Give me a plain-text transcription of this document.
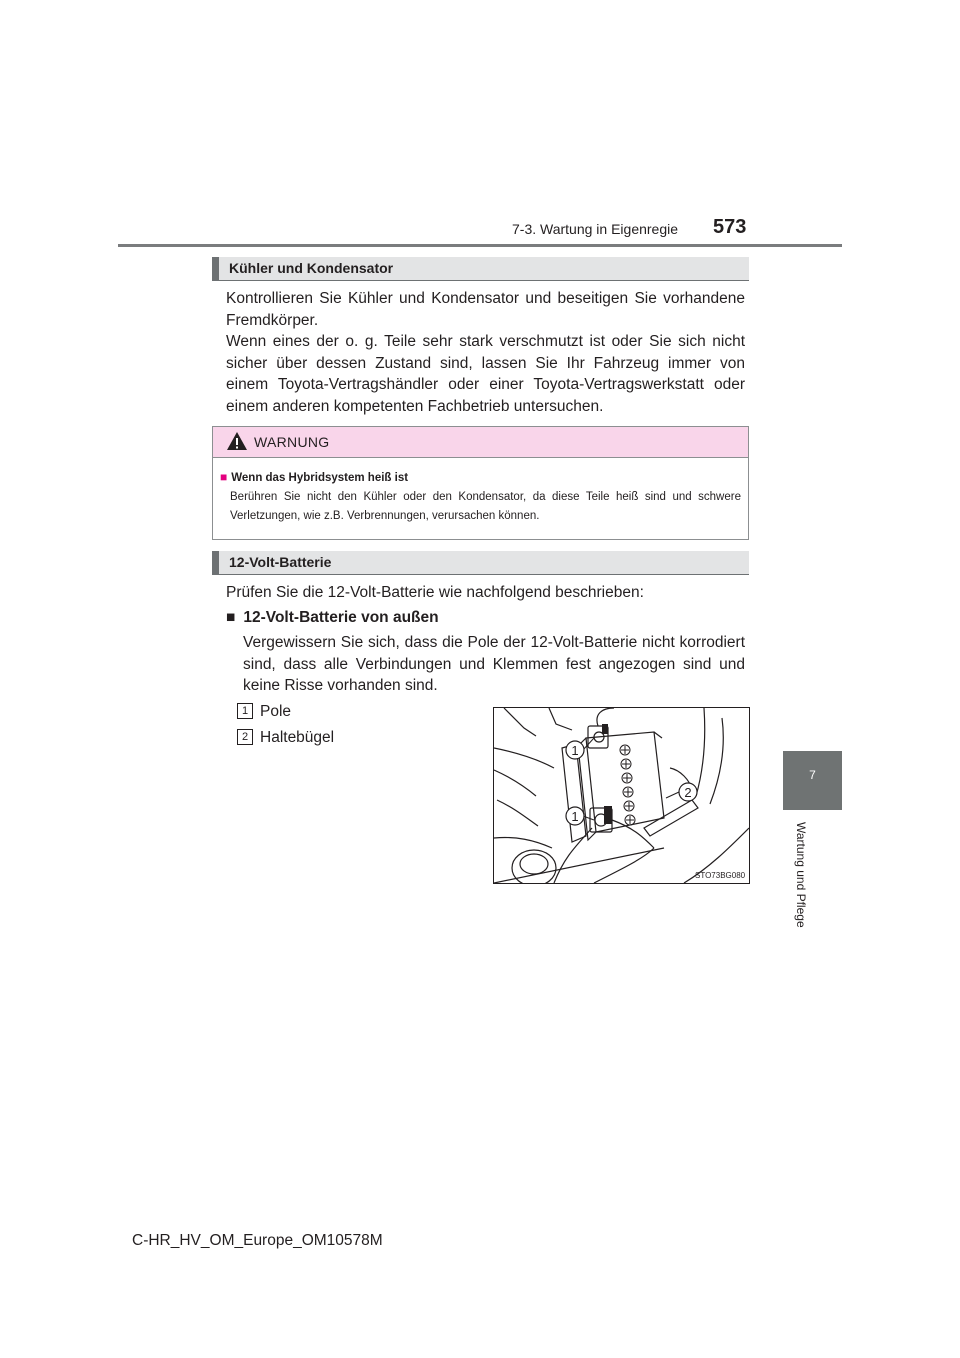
7-3. Wartung in Eigenregie 573
7
Wartung und Pflege
Kühler und Kondensator

Kontrollieren Sie Kühler und Kondensator und beseitigen Sie vorhandene Fremdkörper.

Wenn eines der o. g. Teile sehr stark verschmutzt ist oder Sie sich nicht sicher über dessen Zustand sind, lassen Sie Ihr Fahrzeug immer von einem Toyota-Vertragshändler oder einer Toyota-Vertragswerkstatt oder einem anderen kompetenten Fachbetrieb untersuchen.

WARNUNG
■ Wenn das Hybridsystem heiß ist
Berühren Sie nicht den Kühler oder den Kondensator, da diese Teile heiß sind und schwere Verletzungen, wie z.B. Verbrennungen, verursachen können.
12-Volt-Batterie
Prüfen Sie die 12-Volt-Batterie wie nachfolgend beschrieben:
■ 12-Volt-Batterie von außen
Vergewissern Sie sich, dass die Pole der 12-Volt-Batterie nicht korrodiert sind, dass alle Verbindungen und Klemmen fest angezogen sind und keine Risse vorhanden sind.
1 Pole
2 Haltebügel
1
1
2
STO73BG080
C-HR_HV_OM_Europe_OM10578M
